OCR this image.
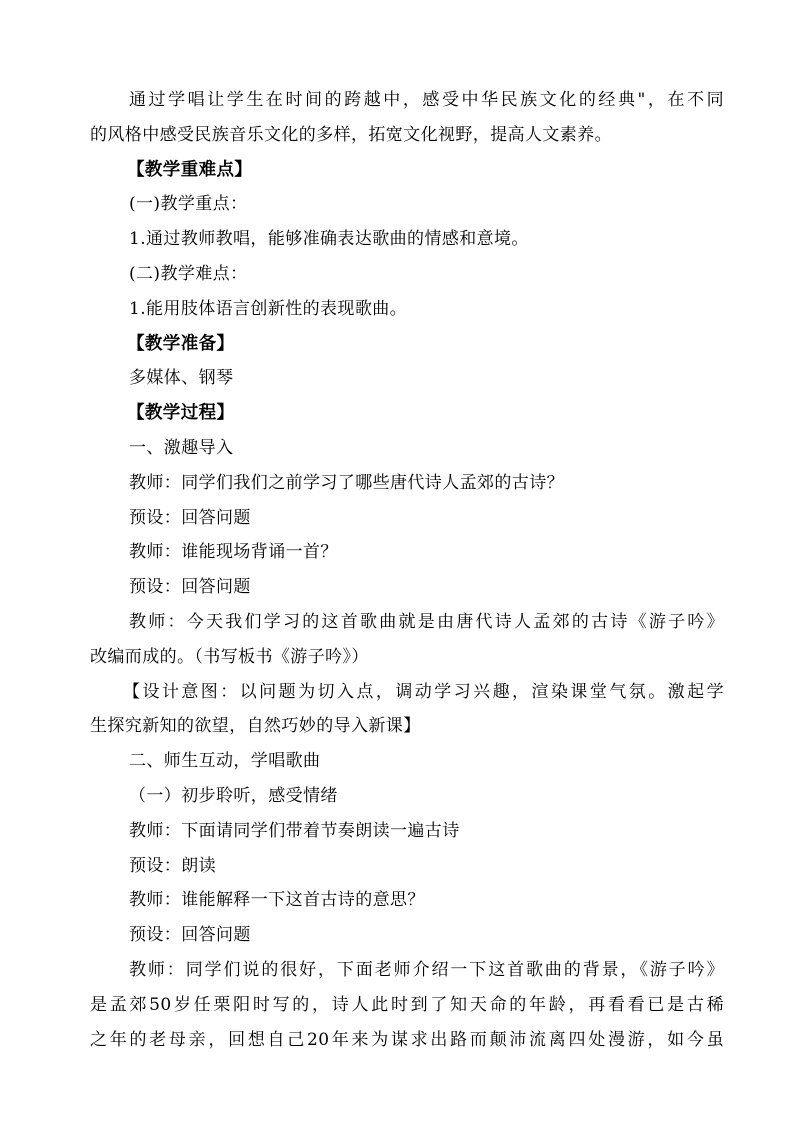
通过学唱让学生在时间的跨越中，感受中华民族文化的经典"，在不同
的风格中感受民族音乐文化的多样，拓宽文化视野，提高人文素养。
【教学重难点】
(一)教学重点：
1.通过教师教唱，能够准确表达歌曲的情感和意境。
(二)教学难点：
1.能用肢体语言创新性的表现歌曲。
【教学准备】
多媒体、钢琴
【教学过程】
一、激趣导入
教师：同学们我们之前学习了哪些唐代诗人孟郊的古诗？
预设：回答问题
教师：谁能现场背诵一首？
预设：回答问题
教师：今天我们学习的这首歌曲就是由唐代诗人孟郊的古诗《游子吟》
改编而成的。（书写板书《游子吟》）
【设计意图：以问题为切入点，调动学习兴趣，渲染课堂气氛。激起学
生探究新知的欲望，自然巧妙的导入新课】
二、师生互动，学唱歌曲
（一）初步聆听，感受情绪
教师：下面请同学们带着节奏朗读一遍古诗
预设：朗读
教师：谁能解释一下这首古诗的意思？
预设：回答问题
教师：同学们说的很好，下面老师介绍一下这首歌曲的背景，《游子吟》
是孟郊50岁任栗阳时写的，诗人此时到了知天命的年龄，再看看已是古稀
之年的老母亲，回想自己20年来为谋求出路而颠沛流离四处漫游，如今虽
